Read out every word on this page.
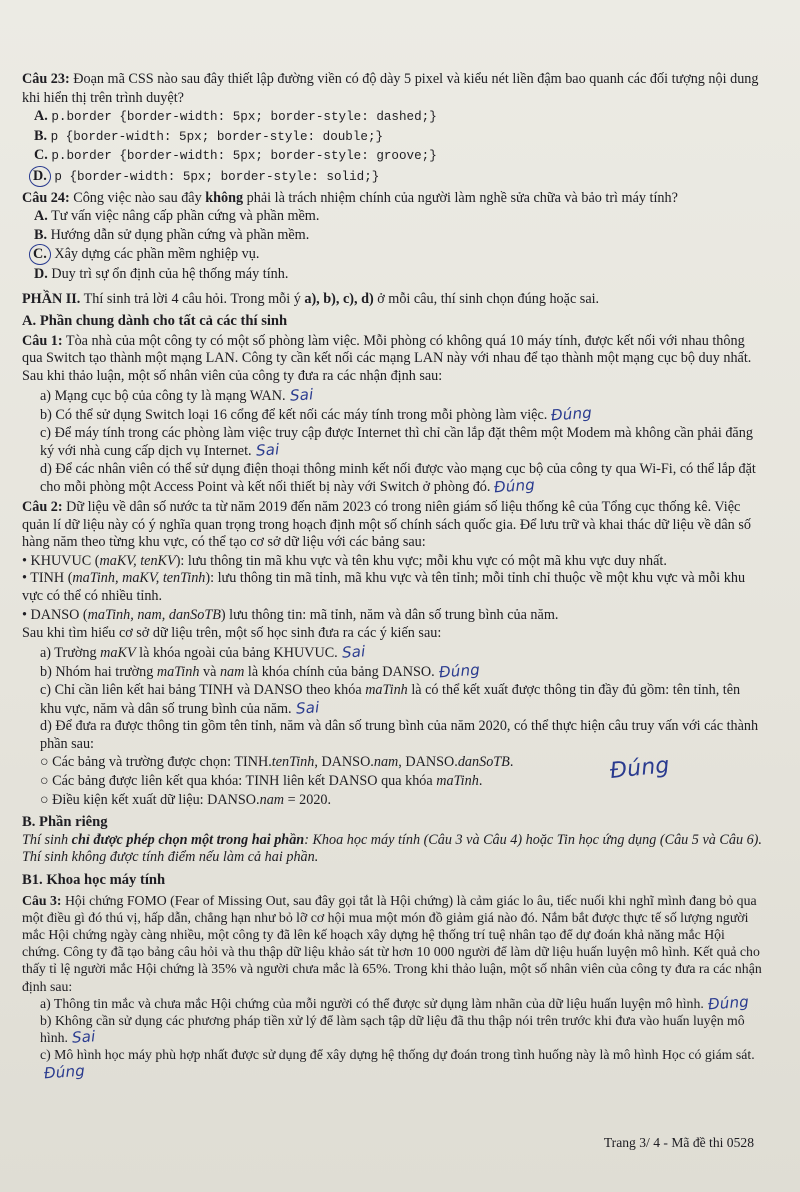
Câu 23: Đoạn mã CSS nào sau đây thiết lập đường viền có độ dày 5 pixel và kiểu nét liền đậm bao quanh các đối tượng nội dung khi hiển thị trên trình duyệt?

A. p.border {border-width: 5px; border-style: dashed;}

B. p {border-width: 5px; border-style: double;}

C. p.border {border-width: 5px; border-style: groove;}

D. p {border-width: 5px; border-style: solid;}

Câu 24: Công việc nào sau đây không phải là trách nhiệm chính của người làm nghề sửa chữa và bảo trì máy tính?

A. Tư vấn việc nâng cấp phần cứng và phần mềm.

B. Hướng dẫn sử dụng phần cứng và phần mềm.

C. Xây dựng các phần mềm nghiệp vụ.

D. Duy trì sự ổn định của hệ thống máy tính.

PHẦN II. Thí sinh trả lời 4 câu hỏi. Trong mỗi ý a), b), c), d) ở mỗi câu, thí sinh chọn đúng hoặc sai.

A. Phần chung dành cho tất cả các thí sinh

Câu 1: Tòa nhà của một công ty có một số phòng làm việc. Mỗi phòng có không quá 10 máy tính, được kết nối với nhau thông qua Switch tạo thành một mạng LAN. Công ty cần kết nối các mạng LAN này với nhau để tạo thành một mạng cục bộ duy nhất. Sau khi thảo luận, một số nhân viên của công ty đưa ra các nhận định sau:

a) Mạng cục bộ của công ty là mạng WAN. Sai

b) Có thể sử dụng Switch loại 16 cổng để kết nối các máy tính trong mỗi phòng làm việc. Đúng

c) Để máy tính trong các phòng làm việc truy cập được Internet thì chỉ cần lắp đặt thêm một Modem mà không cần phải đăng ký với nhà cung cấp dịch vụ Internet. Sai

d) Để các nhân viên có thể sử dụng điện thoại thông minh kết nối được vào mạng cục bộ của công ty qua Wi-Fi, có thể lắp đặt cho mỗi phòng một Access Point và kết nối thiết bị này với Switch ở phòng đó. Đúng

Câu 2: Dữ liệu về dân số nước ta từ năm 2019 đến năm 2023 có trong niên giám số liệu thống kê của Tổng cục thống kê. Việc quản lí dữ liệu này có ý nghĩa quan trọng trong hoạch định một số chính sách quốc gia. Để lưu trữ và khai thác dữ liệu về dân số hàng năm theo từng khu vực, có thể tạo cơ sở dữ liệu với các bảng sau:

• KHUVUC (maKV, tenKV): lưu thông tin mã khu vực và tên khu vực; mỗi khu vực có một mã khu vực duy nhất.

• TINH (maTinh, maKV, tenTinh): lưu thông tin mã tỉnh, mã khu vực và tên tỉnh; mỗi tỉnh chỉ thuộc về một khu vực và mỗi khu vực có thể có nhiều tỉnh.

• DANSO (maTinh, nam, danSoTB) lưu thông tin: mã tỉnh, năm và dân số trung bình của năm.

Sau khi tìm hiểu cơ sở dữ liệu trên, một số học sinh đưa ra các ý kiến sau:

a) Trường maKV là khóa ngoài của bảng KHUVUC. Sai

b) Nhóm hai trường maTinh và nam là khóa chính của bảng DANSO. Đúng

c) Chỉ cần liên kết hai bảng TINH và DANSO theo khóa maTinh là có thể kết xuất được thông tin đầy đủ gồm: tên tỉnh, tên khu vực, năm và dân số trung bình của năm. Sai

d) Để đưa ra được thông tin gồm tên tỉnh, năm và dân số trung bình của năm 2020, có thể thực hiện câu truy vấn với các thành phần sau:

○ Các bảng và trường được chọn: TINH.tenTinh, DANSO.nam, DANSO.danSoTB.

○ Các bảng được liên kết qua khóa: TINH liên kết DANSO qua khóa maTinh.

○ Điều kiện kết xuất dữ liệu: DANSO.nam = 2020.

Đúng

B. Phần riêng

Thí sinh chỉ được phép chọn một trong hai phần: Khoa học máy tính (Câu 3 và Câu 4) hoặc Tin học ứng dụng (Câu 5 và Câu 6). Thí sinh không được tính điểm nếu làm cả hai phần.

B1. Khoa học máy tính

Câu 3: Hội chứng FOMO (Fear of Missing Out, sau đây gọi tắt là Hội chứng) là cảm giác lo âu, tiếc nuối khi nghĩ mình đang bỏ qua một điều gì đó thú vị, hấp dẫn, chẳng hạn như bỏ lỡ cơ hội mua một món đồ giảm giá nào đó. Nắm bắt được thực tế số lượng người mắc Hội chứng ngày càng nhiều, một công ty đã lên kế hoạch xây dựng hệ thống trí tuệ nhân tạo để dự đoán khả năng mắc Hội chứng. Công ty đã tạo bảng câu hỏi và thu thập dữ liệu khảo sát từ hơn 10 000 người để làm dữ liệu huấn luyện mô hình. Kết quả cho thấy tỉ lệ người mắc Hội chứng là 35% và người chưa mắc là 65%. Trong khi thảo luận, một số nhân viên của công ty đưa ra các nhận định sau:

a) Thông tin mắc và chưa mắc Hội chứng của mỗi người có thể được sử dụng làm nhãn của dữ liệu huấn luyện mô hình. Đúng

b) Không cần sử dụng các phương pháp tiền xử lý để làm sạch tập dữ liệu đã thu thập nói trên trước khi đưa vào huấn luyện mô hình. Sai

c) Mô hình học máy phù hợp nhất được sử dụng để xây dựng hệ thống dự đoán trong tình huống này là mô hình Học có giám sát.Đúng

Trang 3/ 4 - Mã đề thi 0528
